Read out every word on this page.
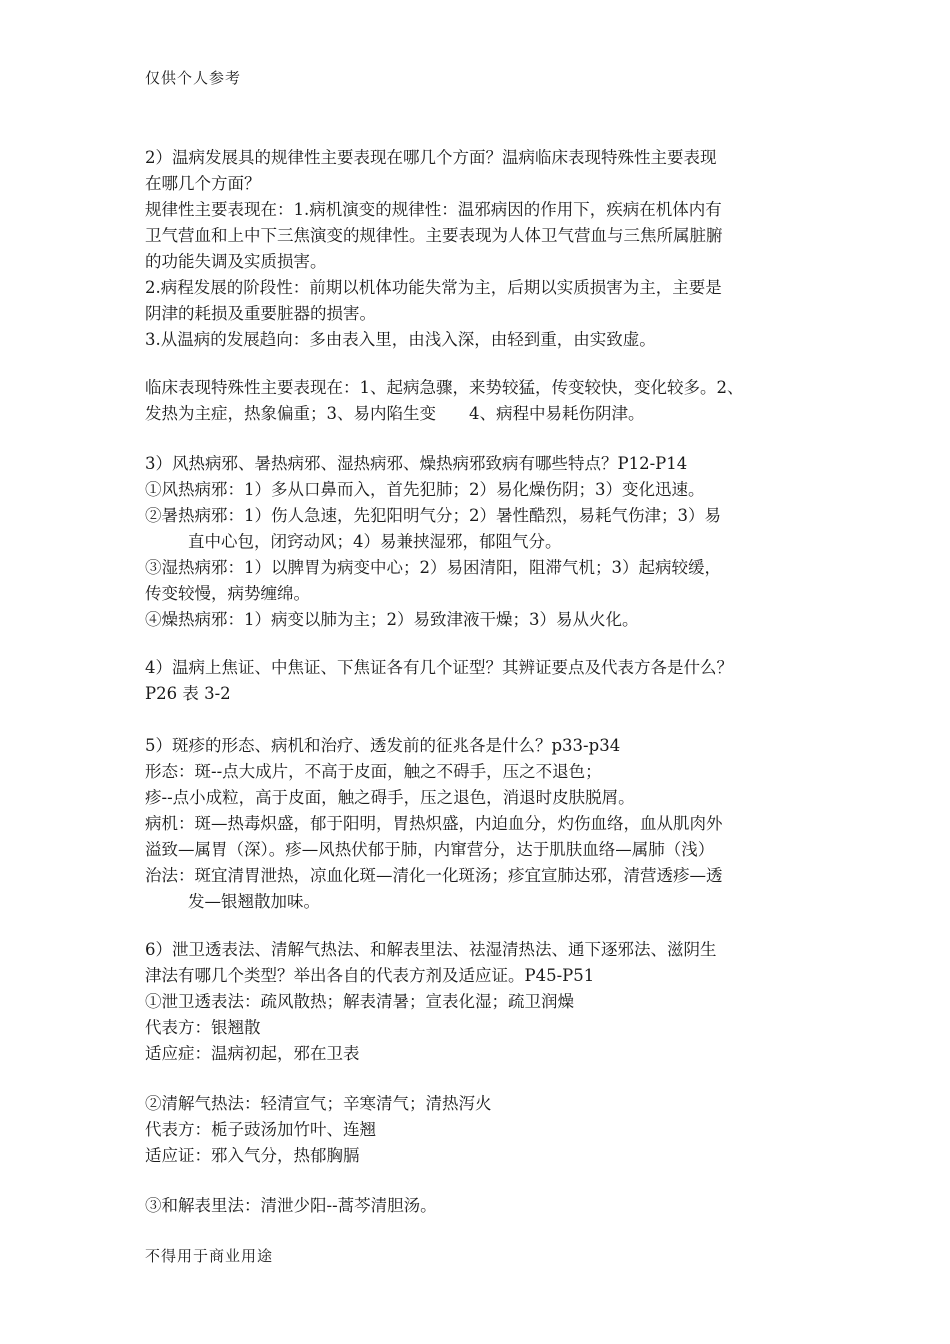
仅供个人参考
2）温病发展具的规律性主要表现在哪几个方面？温病临床表现特殊性主要表现
在哪几个方面？
规律性主要表现在：1.病机演变的规律性：温邪病因的作用下，疾病在机体内有
卫气营血和上中下三焦演变的规律性。主要表现为人体卫气营血与三焦所属脏腑
的功能失调及实质损害。
2.病程发展的阶段性：前期以机体功能失常为主，后期以实质损害为主，主要是
阴津的耗损及重要脏器的损害。
3.从温病的发展趋向：多由表入里，由浅入深，由轻到重，由实致虚。
临床表现特殊性主要表现在：1、起病急骤，来势较猛，传变较快，变化较多。2、
发热为主症，热象偏重；3、易内陷生变　　4、病程中易耗伤阴津。
3）风热病邪、暑热病邪、湿热病邪、燥热病邪致病有哪些特点？P12-P14
①风热病邪：1）多从口鼻而入，首先犯肺；2）易化燥伤阴；3）变化迅速。
②暑热病邪：1）伤人急速，先犯阳明气分；2）暑性酷烈，易耗气伤津；3）易
直中心包，闭窍动风；4）易兼挟湿邪，郁阻气分。
③湿热病邪：1）以脾胃为病变中心；2）易困清阳，阻滞气机；3）起病较缓，
传变较慢，病势缠绵。
④燥热病邪：1）病变以肺为主；2）易致津液干燥；3）易从火化。
4）温病上焦证、中焦证、下焦证各有几个证型？其辨证要点及代表方各是什么？
P26 表 3-2
5）斑疹的形态、病机和治疗、透发前的征兆各是什么？p33-p34
形态：斑--点大成片，不高于皮面，触之不碍手，压之不退色；
疹--点小成粒，高于皮面，触之碍手，压之退色，消退时皮肤脱屑。
病机：斑—热毒炽盛，郁于阳明，胃热炽盛，内迫血分，灼伤血络，血从肌肉外
溢致—属胃（深）。疹—风热伏郁于肺，内窜营分，达于肌肤血络—属肺（浅）
治法：斑宜清胃泄热，凉血化斑—清化一化斑汤；疹宜宣肺达邪，清营透疹—透
发—银翘散加味。
6）泄卫透表法、清解气热法、和解表里法、祛湿清热法、通下逐邪法、滋阴生
津法有哪几个类型？举出各自的代表方剂及适应证。P45-P51
①泄卫透表法：疏风散热；解表清暑；宣表化湿；疏卫润燥
代表方：银翘散
适应症：温病初起，邪在卫表
②清解气热法：轻清宣气；辛寒清气；清热泻火
代表方：栀子豉汤加竹叶、连翘
适应证：邪入气分，热郁胸膈
③和解表里法：清泄少阳--蒿芩清胆汤。
不得用于商业用途
